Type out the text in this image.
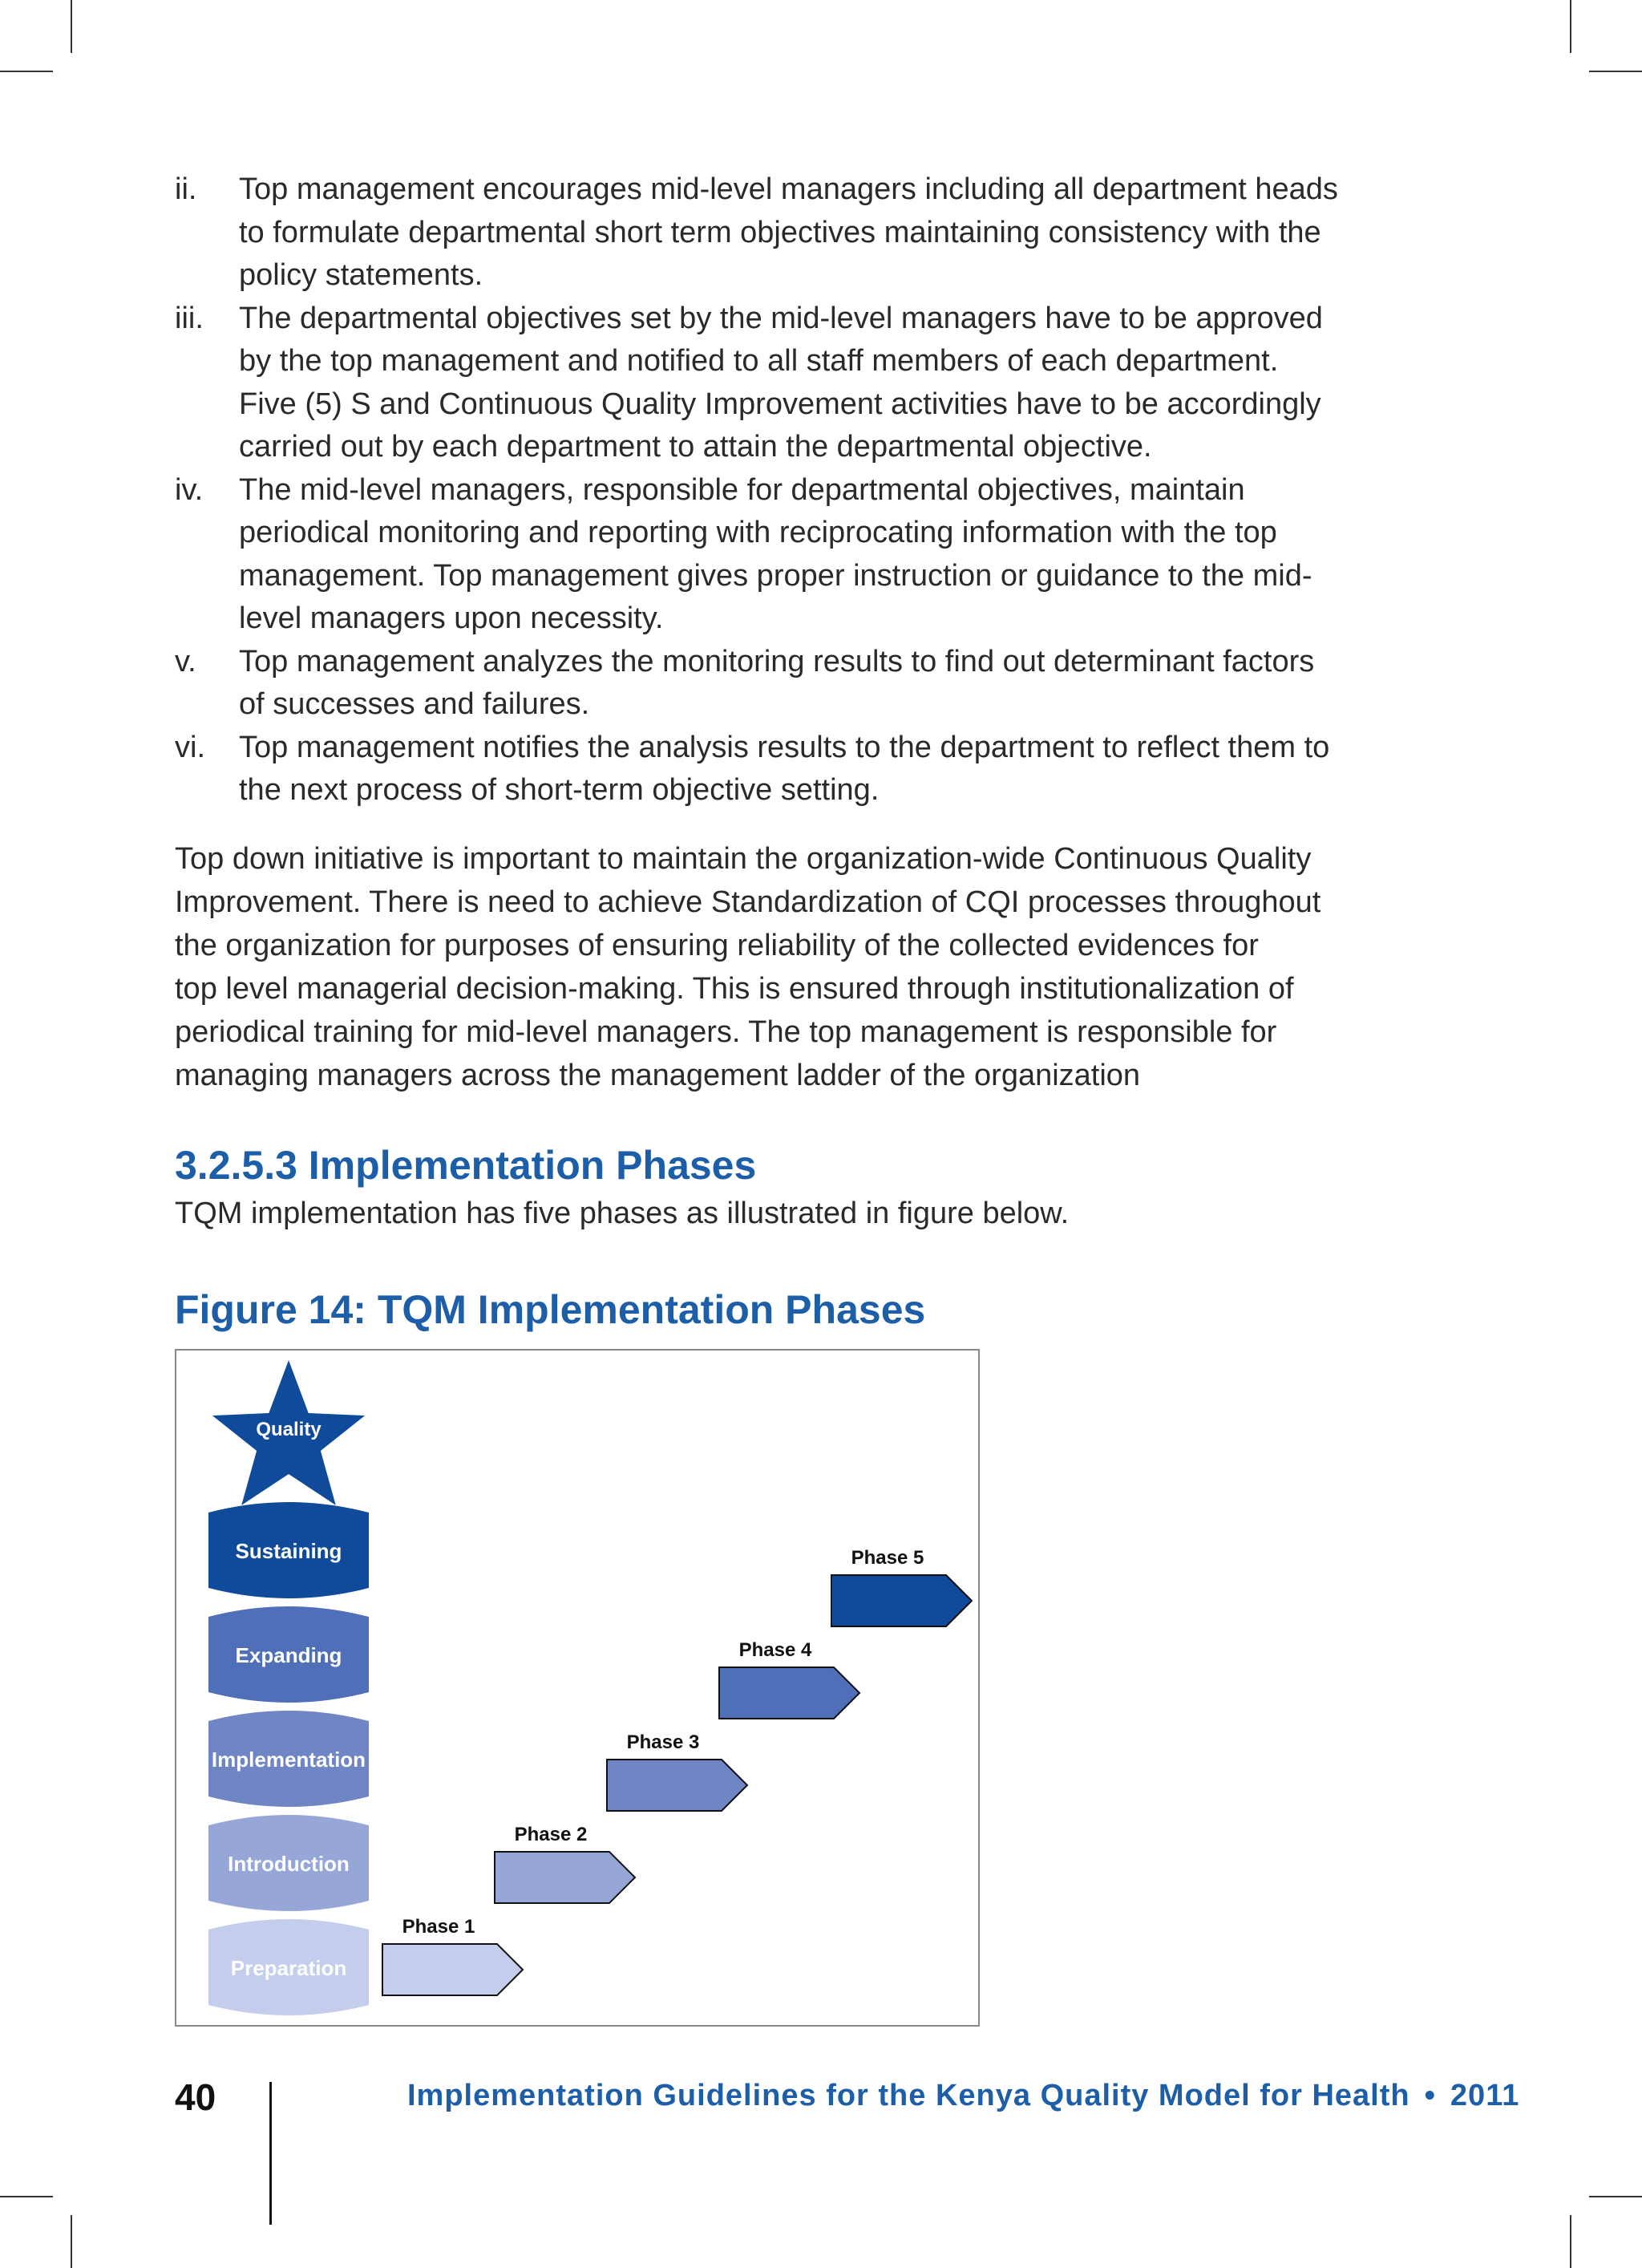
ii. Top management encourages mid-level managers including all department heads
to formulate departmental short term objectives maintaining consistency with the
policy statements.
iii. The departmental objectives set by the mid-level managers have to be approved
by the top management and notified to all staff members of each department.
Five (5) S and Continuous Quality Improvement activities have to be accordingly
carried out by each department to attain the departmental objective.
iv. The mid-level managers, responsible for departmental objectives, maintain
periodical monitoring and reporting with reciprocating information with the top
management. Top management gives proper instruction or guidance to the mid-
level managers upon necessity.
v. Top management analyzes the monitoring results to find out determinant factors
of successes and failures.
vi. Top management notifies the analysis results to the department to reflect them to
the next process of short-term objective setting.

Top down initiative is important to maintain the organization-wide Continuous Quality
Improvement. There is need to achieve Standardization of CQI processes throughout
the organization for purposes of ensuring reliability of the collected evidences for
top level managerial decision-making. This is ensured through institutionalization of
periodical training for mid-level managers. The top management is responsible for
managing managers across the management ladder of the organization

3.2.5.3 Implementation Phases

TQM implementation has five phases as illustrated in figure below.

Figure 14: TQM Implementation Phases
Quality
Sustaining
Expanding
Implementation
Introduction
Preparation
Phase 1
Phase 2
Phase 3
Phase 4
Phase 5
40	Implementation Guidelines for the Kenya Quality Model for Health • 2011
